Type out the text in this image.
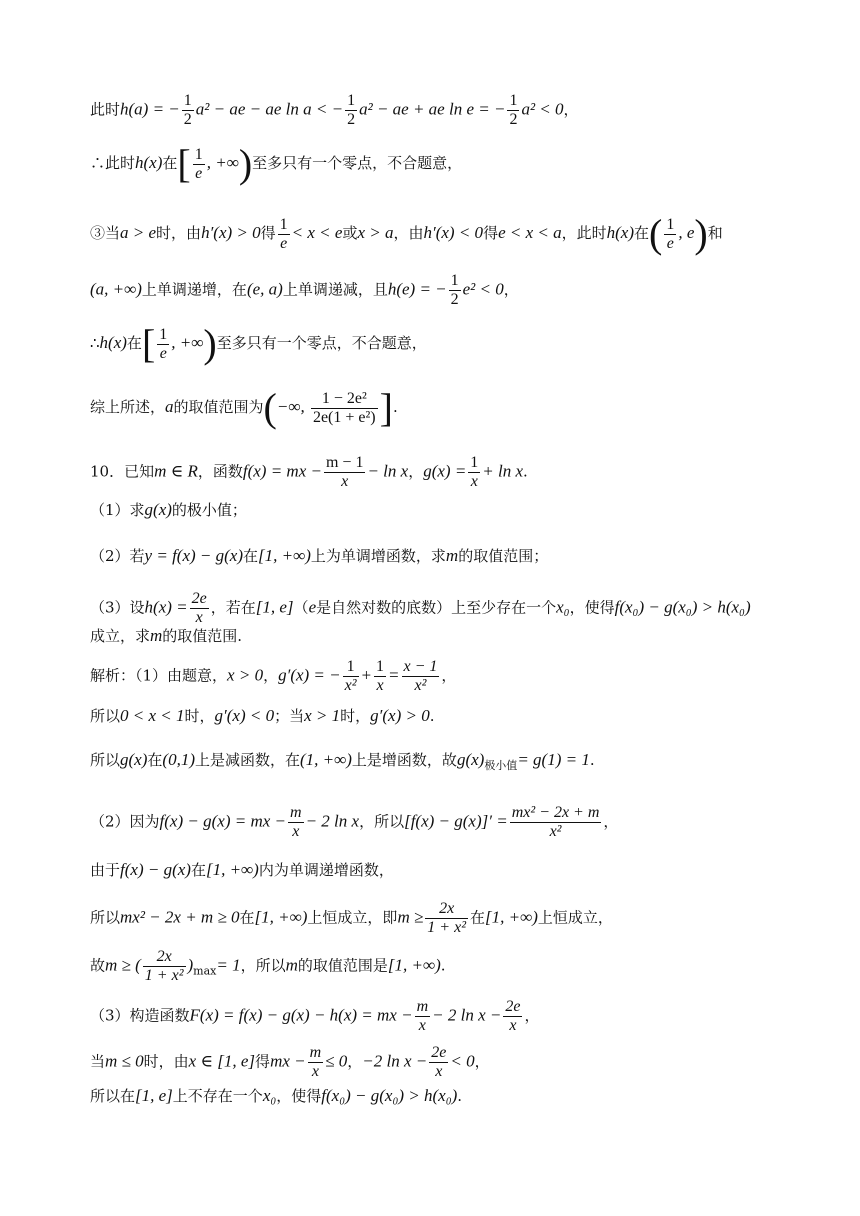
此时h(a) = − $\frac{1}{2} a^2$ − ae − ae ln a < − $\frac{1}{2} a^2$ − ae + ae ln e = − $\frac{1}{2} a^2 < 0$，
∴此时h(x)在[ $\frac{1}{e}$ , +∞)至多只有一个零点，不合题意，
③当a > e时，由h′(x) > 0得 $\frac{1}{e} < x < e$或x > a，由h′(x) < 0得e < x < a，此时h(x)在( $\frac{1}{e}$ , e)和
(a, +∞)上单调递增，在(e, a)上单调递减，且h(e) = − $\frac{1}{2} e^2 < 0$，
∴h(x)在[ $\frac{1}{e}$ , +∞)至多只有一个零点，不合题意，
综上所述，a的取值范围为(−∞, $\frac{\text{1 − 2e²}}{\text{2e(1 + e²)}}$ ].
10．已知m ∈ R，函数f(x) = mx − $\frac{m - 1}{x} - \ln x$，$g(x) = \frac{1}{x} + \ln x$.
（1）求g(x)的极小值；
（2）若y = f(x) − g(x)在[1, +∞)上为单调增函数，求m的取值范围；
（3）设$h(x) = \frac{2e}{x}$ ，若在[1, e]（e是自然对数的底数）上至少存在一个x₀，使得f(x₀) − g(x₀) > h(x₀)
成立，求m的取值范围.
解析：（1）由题意，x > 0，g′(x) = − $\frac{1}{\text{x²}} + \frac{1}{x} = \frac{x - 1}{\text{x²}}$ ，
所以0 < x < 1时，g′(x) < 0；当x > 1时，g′(x) > 0.
所以g(x)在(0,1)上是减函数，在(1, +∞)上是增函数，故$g(x)_{极小值}= g(1) = 1$.
（2）因为f(x) − g(x) = mx − $\frac{m}{x} - 2$ ln x，所以$[f(x) - g(x)]' = \frac{\text{mx² − 2x + m}}{\text{x²}}$ ，
由于f(x) − g(x)在[1, +∞)内为单调递增函数，
所以mx² − 2x + m ≥ 0在[1, +∞)上恒成立，即$m \ge \frac{2x}{\text{1 + x²}}$ 在[1, +∞)上恒成立，
故m ≥ ( $\frac{2x}{\text{1 + x²}} )_{max}= 1$，所以m的取值范围是[1, +∞).
（3）构造函数F(x) = f(x) − g(x) − h(x) = mx − $\frac{m}{x} - 2$ $\ln x - \frac{2e}{x}$ ，
当m ≤ 0时，由x ∈ [1, e]得mx − $\frac{m}{x} \le 0$，−2 $\ln x - \frac{2e}{x} < 0$，
所以在[1, e]上不存在一个x₀，使得f(x₀) − g(x₀) > h(x₀).
